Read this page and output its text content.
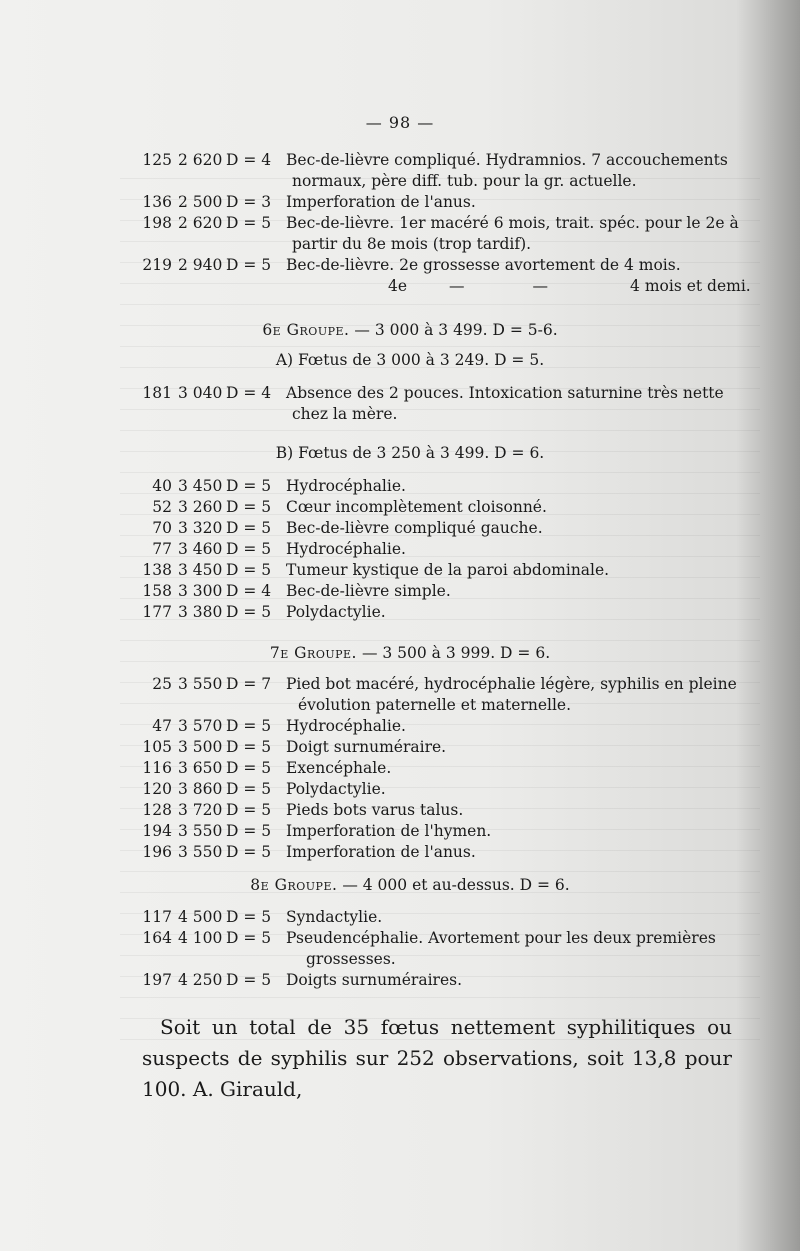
— 98 —
125 2 620 D = 4 Bec-de-lièvre compliqué. Hydramnios. 7 accouchements
normaux, père diff. tub. pour la gr. actuelle.
136 2 500 D = 3 Imperforation de l'anus.
198 2 620 D = 5 Bec-de-lièvre. 1er macéré 6 mois, trait. spéc. pour le 2e à
partir du 8e mois (trop tardif).
219 2 940 D = 5 Bec-de-lièvre. 2e grossesse avortement de 4 mois.
4e	—	—	4 mois et demi.
6e Groupe. — 3 000 à 3 499. D = 5-6.
A) Fœtus de 3 000 à 3 249. D = 5.
181 3 040 D = 4 Absence des 2 pouces. Intoxication saturnine très nette
chez la mère.
B) Fœtus de 3 250 à 3 499. D = 6.
40 3 450 D = 5 Hydrocéphalie.
52 3 260 D = 5 Cœur incomplètement cloisonné.
70 3 320 D = 5 Bec-de-lièvre compliqué gauche.
77 3 460 D = 5 Hydrocéphalie.
138 3 450 D = 5 Tumeur kystique de la paroi abdominale.
158 3 300 D = 4 Bec-de-lièvre simple.
177 3 380 D = 5 Polydactylie.
7e Groupe. — 3 500 à 3 999. D = 6.
25 3 550 D = 7 Pied bot macéré, hydrocéphalie légère, syphilis en pleine
évolution paternelle et maternelle.
47 3 570 D = 5 Hydrocéphalie.
105 3 500 D = 5 Doigt surnuméraire.
116 3 650 D = 5 Exencéphale.
120 3 860 D = 5 Polydactylie.
128 3 720 D = 5 Pieds bots varus talus.
194 3 550 D = 5 Imperforation de l'hymen.
196 3 550 D = 5 Imperforation de l'anus.
8e Groupe. — 4 000 et au-dessus. D = 6.
117 4 500 D = 5 Syndactylie.
164 4 100 D = 5 Pseudencéphalie. Avortement pour les deux premières
grossesses.
197 4 250 D = 5 Doigts surnuméraires.
Soit un total de 35 fœtus nettement syphilitiques ou suspects de syphilis sur 252 observations, soit 13,8 pour 100. A. Girauld,
